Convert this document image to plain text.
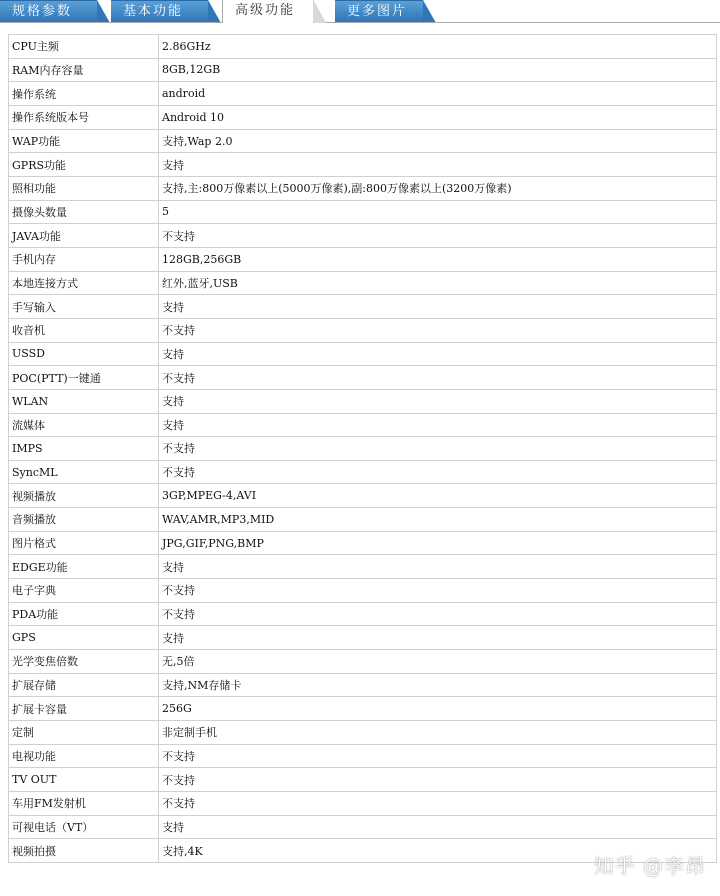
规格参数	基本功能	高级功能	更多图片
CPU主频	2.86GHz
RAM内存容量	8GB,12GB
操作系统	android
操作系统版本号	Android 10
WAP功能	支持,Wap 2.0
GPRS功能	支持
照相功能	支持,主:800万像素以上(5000万像素),副:800万像素以上(3200万像素)
摄像头数量	5
JAVA功能	不支持
手机内存	128GB,256GB
本地连接方式	红外,蓝牙,USB
手写输入	支持
收音机	不支持
USSD	支持
POC(PTT)一键通	不支持
WLAN	支持
流媒体	支持
IMPS	不支持
SyncML	不支持
视频播放	3GP,MPEG-4,AVI
音频播放	WAV,AMR,MP3,MID
图片格式	JPG,GIF,PNG,BMP
EDGE功能	支持
电子字典	不支持
PDA功能	不支持
GPS	支持
光学变焦倍数	无,5倍
扩展存储	支持,NM存储卡
扩展卡容量	256G
定制	非定制手机
电视功能	不支持
TV OUT	不支持
车用FM发射机	不支持
可视电话（VT）	支持
视频拍摄	支持,4K
知乎 @李昂
